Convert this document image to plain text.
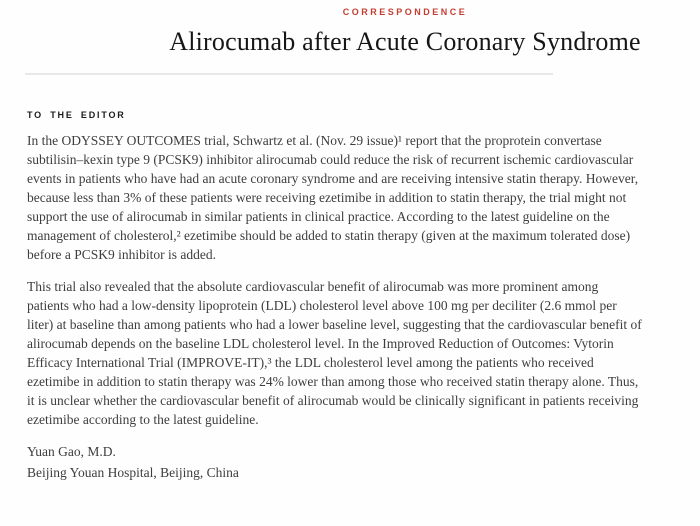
CORRESPONDENCE
Alirocumab after Acute Coronary Syndrome
TO THE EDITOR

In the ODYSSEY OUTCOMES trial, Schwartz et al. (Nov. 29 issue)¹ report that the proprotein convertase subtilisin–kexin type 9 (PCSK9) inhibitor alirocumab could reduce the risk of recurrent ischemic cardiovascular events in patients who have had an acute coronary syndrome and are receiving intensive statin therapy. However, because less than 3% of these patients were receiving ezetimibe in addition to statin therapy, the trial might not support the use of alirocumab in similar patients in clinical practice. According to the latest guideline on the management of cholesterol,² ezetimibe should be added to statin therapy (given at the maximum tolerated dose) before a PCSK9 inhibitor is added.

This trial also revealed that the absolute cardiovascular benefit of alirocumab was more prominent among patients who had a low-density lipoprotein (LDL) cholesterol level above 100 mg per deciliter (2.6 mmol per liter) at baseline than among patients who had a lower baseline level, suggesting that the cardiovascular benefit of alirocumab depends on the baseline LDL cholesterol level. In the Improved Reduction of Outcomes: Vytorin Efficacy International Trial (IMPROVE-IT),³ the LDL cholesterol level among the patients who received ezetimibe in addition to statin therapy was 24% lower than among those who received statin therapy alone. Thus, it is unclear whether the cardiovascular benefit of alirocumab would be clinically significant in patients receiving ezetimibe according to the latest guideline.

Yuan Gao, M.D.
Beijing Youan Hospital, Beijing, China
